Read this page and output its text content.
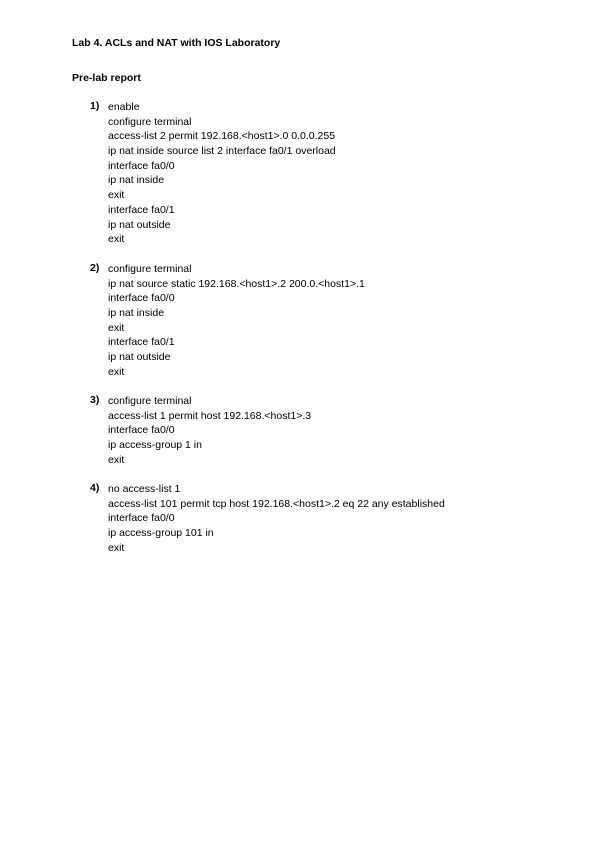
Lab 4. ACLs and NAT with IOS Laboratory
Pre-lab report
1) enable
configure terminal
access-list 2 permit 192.168.<host1>.0 0.0.0.255
ip nat inside source list 2 interface fa0/1 overload
interface fa0/0
ip nat inside
exit
interface fa0/1
ip nat outside
exit
2) configure terminal
ip nat source static 192.168.<host1>.2 200.0.<host1>.1
interface fa0/0
ip nat inside
exit
interface fa0/1
ip nat outside
exit
3) configure terminal
access-list 1 permit host 192.168.<host1>.3
interface fa0/0
ip access-group 1 in
exit
4) no access-list 1
access-list 101 permit tcp host 192.168.<host1>.2 eq 22 any established
interface fa0/0
ip access-group 101 in
exit
